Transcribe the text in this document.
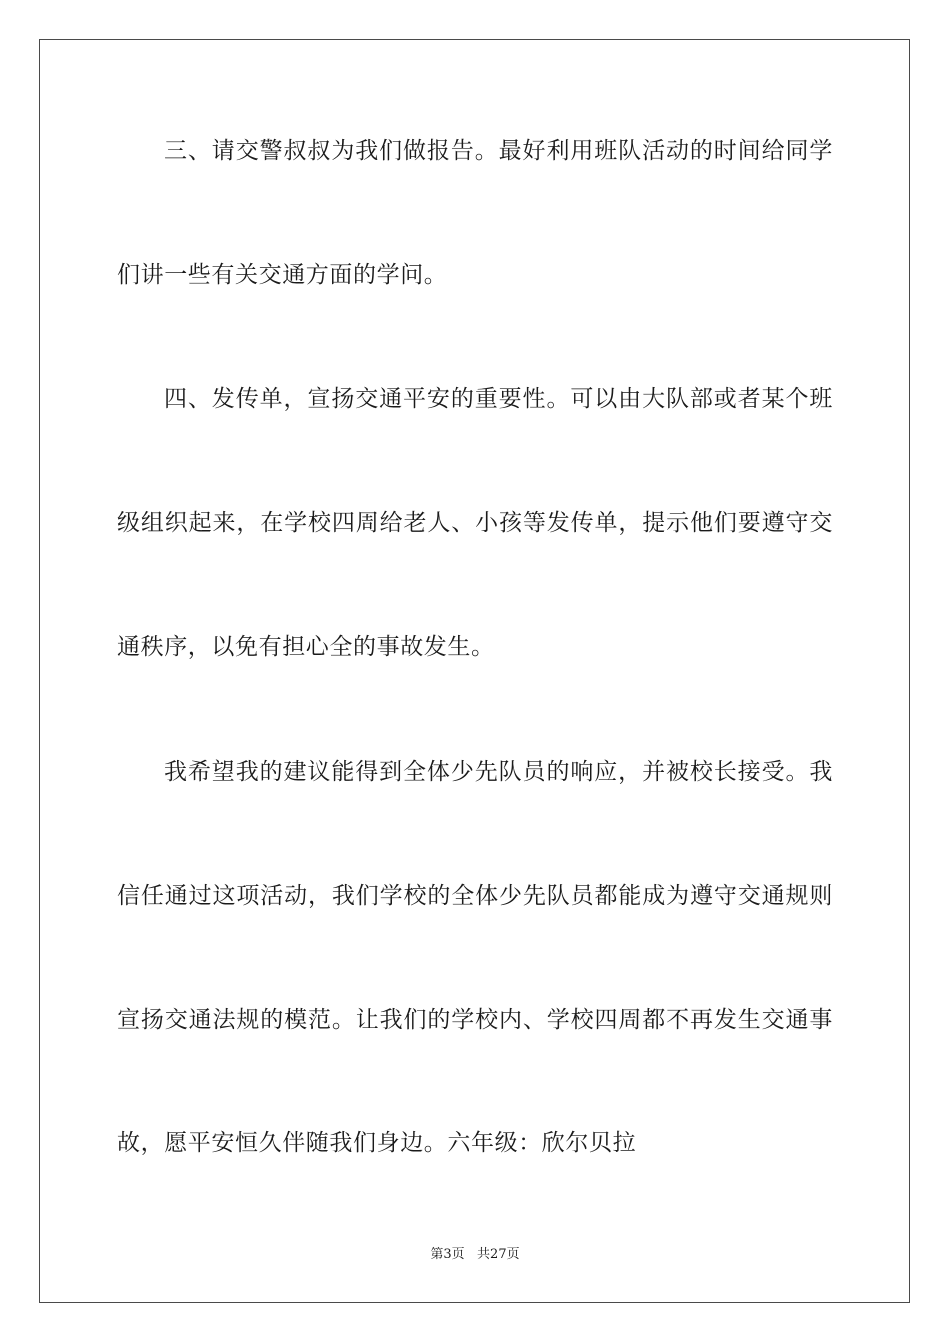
三、请交警叔叔为我们做报告。最好利用班队活动的时间给同学
们讲一些有关交通方面的学问。
四、发传单，宣扬交通平安的重要性。可以由大队部或者某个班
级组织起来，在学校四周给老人、小孩等发传单，提示他们要遵守交
通秩序，以免有担心全的事故发生。
我希望我的建议能得到全体少先队员的响应，并被校长接受。我
信任通过这项活动，我们学校的全体少先队员都能成为遵守交通规则
宣扬交通法规的模范。让我们的学校内、学校四周都不再发生交通事
故，愿平安恒久伴随我们身边。六年级：欣尔贝拉
第3页   共27页
